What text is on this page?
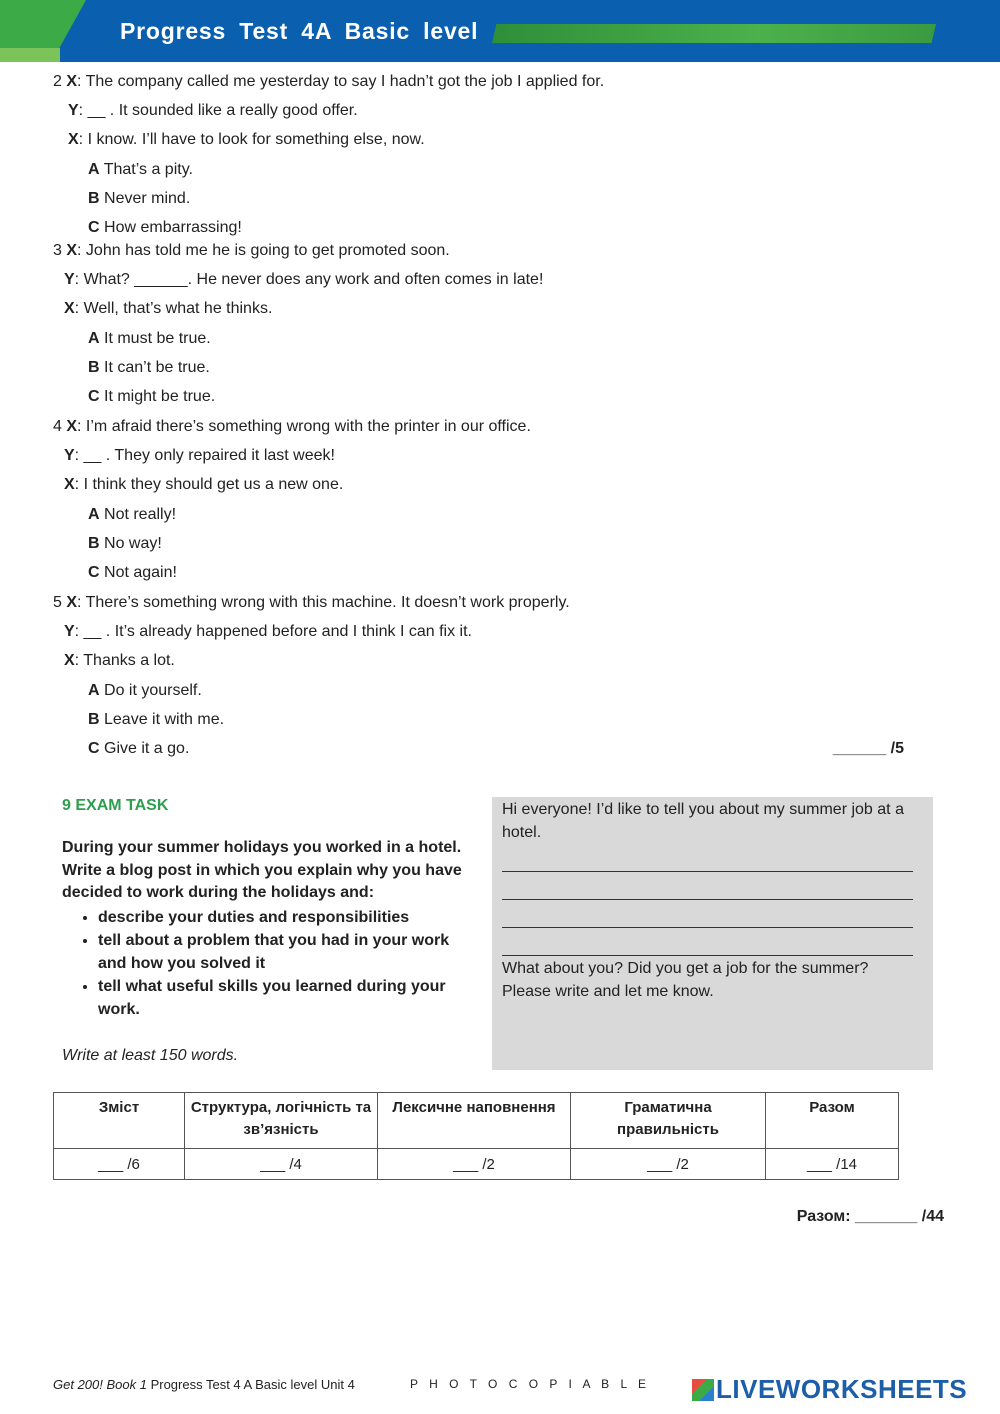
Progress Test 4A Basic level
2 X: The company called me yesterday to say I hadn’t got the job I applied for.
Y: __ . It sounded like a really good offer.
X: I know. I’ll have to look for something else, now.
A That’s a pity.
B Never mind.
C How embarrassing!
3 X: John has told me he is going to get promoted soon.
Y: What? ______. He never does any work and often comes in late!
X: Well, that’s what he thinks.
A It must be true.
B It can’t be true.
C It might be true.
4 X: I’m afraid there’s something wrong with the printer in our office.
Y: __ . They only repaired it last week!
X: I think they should get us a new one.
A Not really!
B No way!
C Not again!
5 X: There’s something wrong with this machine. It doesn’t work properly.
Y: __ . It’s already happened before and I think I can fix it.
X: Thanks a lot.
A Do it yourself.
B Leave it with me.
C Give it a go.	______ /5
9 EXAM TASK
During your summer holidays you worked in a hotel. Write a blog post in which you explain why you have decided to work during the holidays and:
• describe your duties and responsibilities
• tell about a problem that you had in your work and how you solved it
• tell what useful skills you learned during your work.
Write at least 150 words.
Hi everyone! I’d like to tell you about my summer job at a hotel.
What about you? Did you get a job for the summer? Please write and let me know.
Зміст	Структура, логічність та зв’язність	Лексичне наповнення	Граматична правильність	Разом
___ /6	___ /4	___ /2	___ /2	___ /14
Разом: _______ /44
Get 200! Book 1 Progress Test 4 A Basic level Unit 4	P H O T O C O P I A B L E	LIVEWORKSHEETS
